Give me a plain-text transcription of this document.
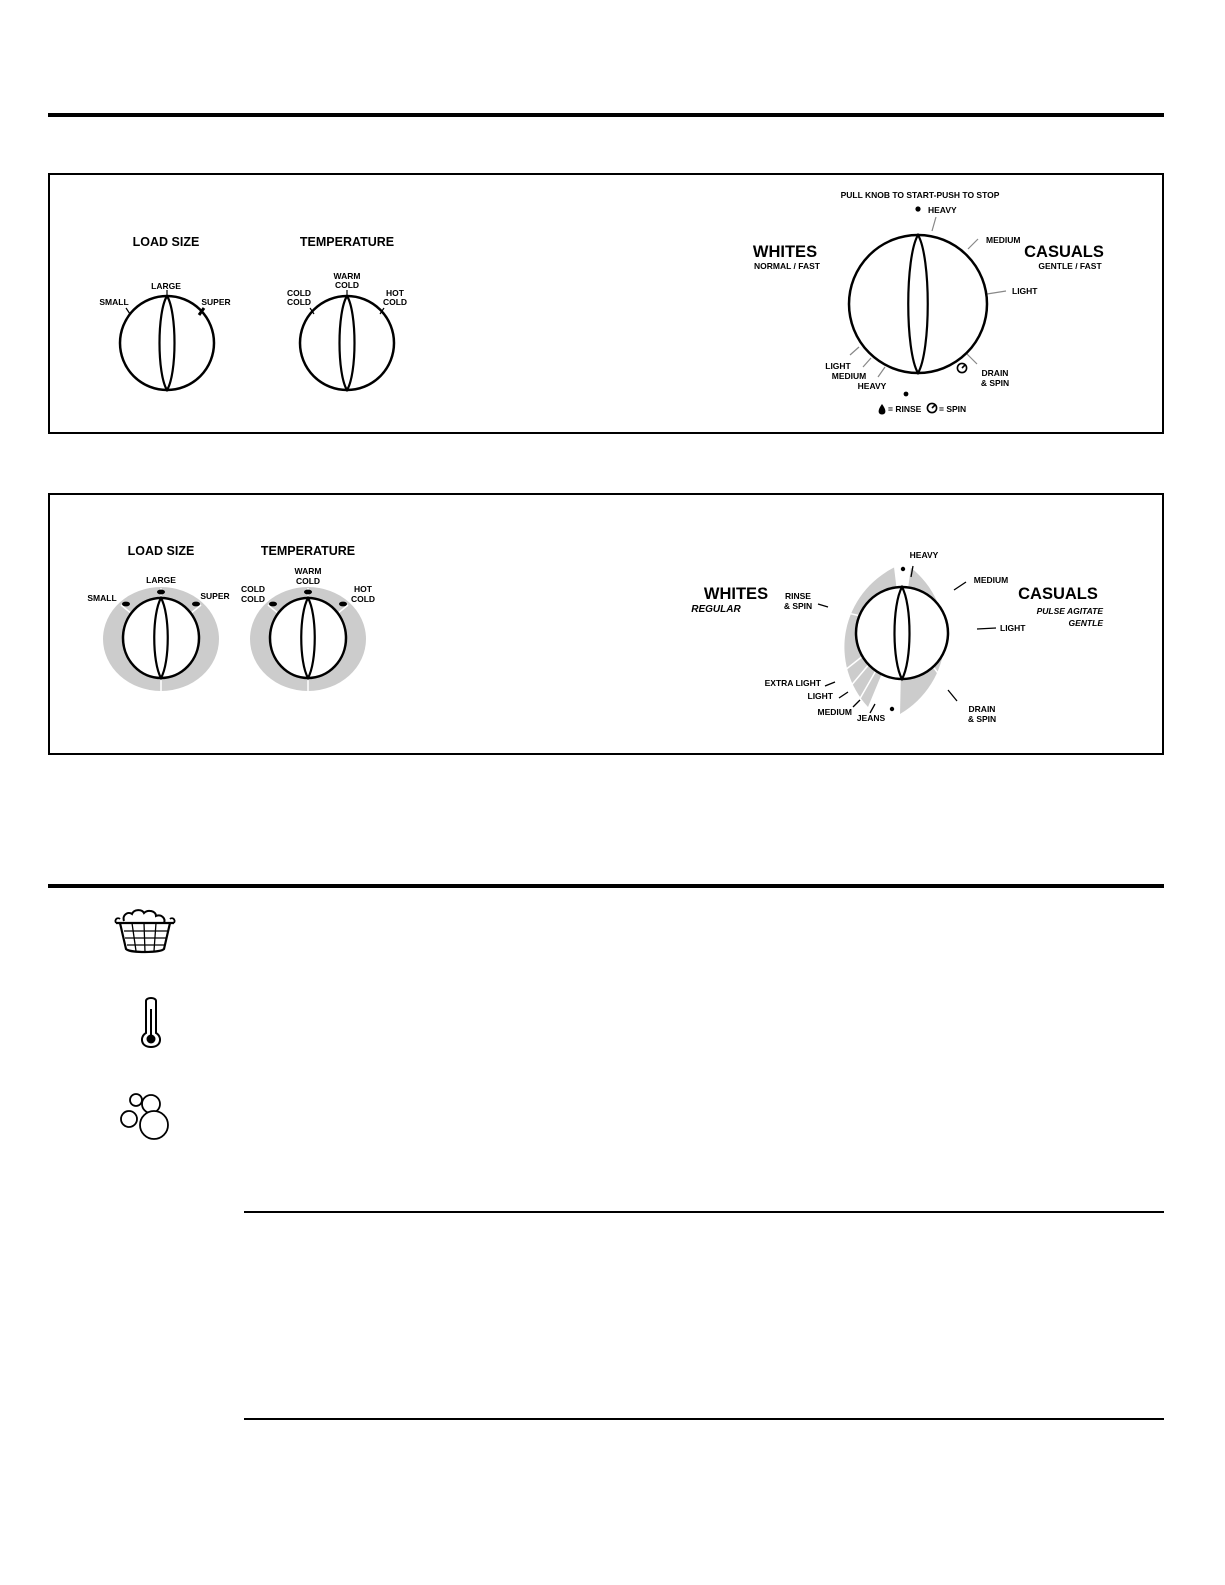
LOAD SIZE
SMALL
LARGE
SUPER
TEMPERATURE
COLD
COLD
WARM
COLD
HOT
COLD
PULL KNOB TO START-PUSH TO STOP
HEAVY
WHITES
NORMAL / FAST
CASUALS
GENTLE / FAST
MEDIUM
LIGHT
DRAIN
& SPIN
LIGHT
MEDIUM
HEAVY
= RINSE = SPIN
LOAD SIZE
SMALL
LARGE
SUPER
TEMPERATURE
COLD
COLD
WARM
COLD
HOT
COLD	WHITES
REGULAR
CASUALS
PULSE AGITATE
GENTLE
HEAVY
MEDIUM
LIGHT
DRAIN
& SPIN
RINSE
& SPIN
EXTRA LIGHT
LIGHT
MEDIUM
JEANS
